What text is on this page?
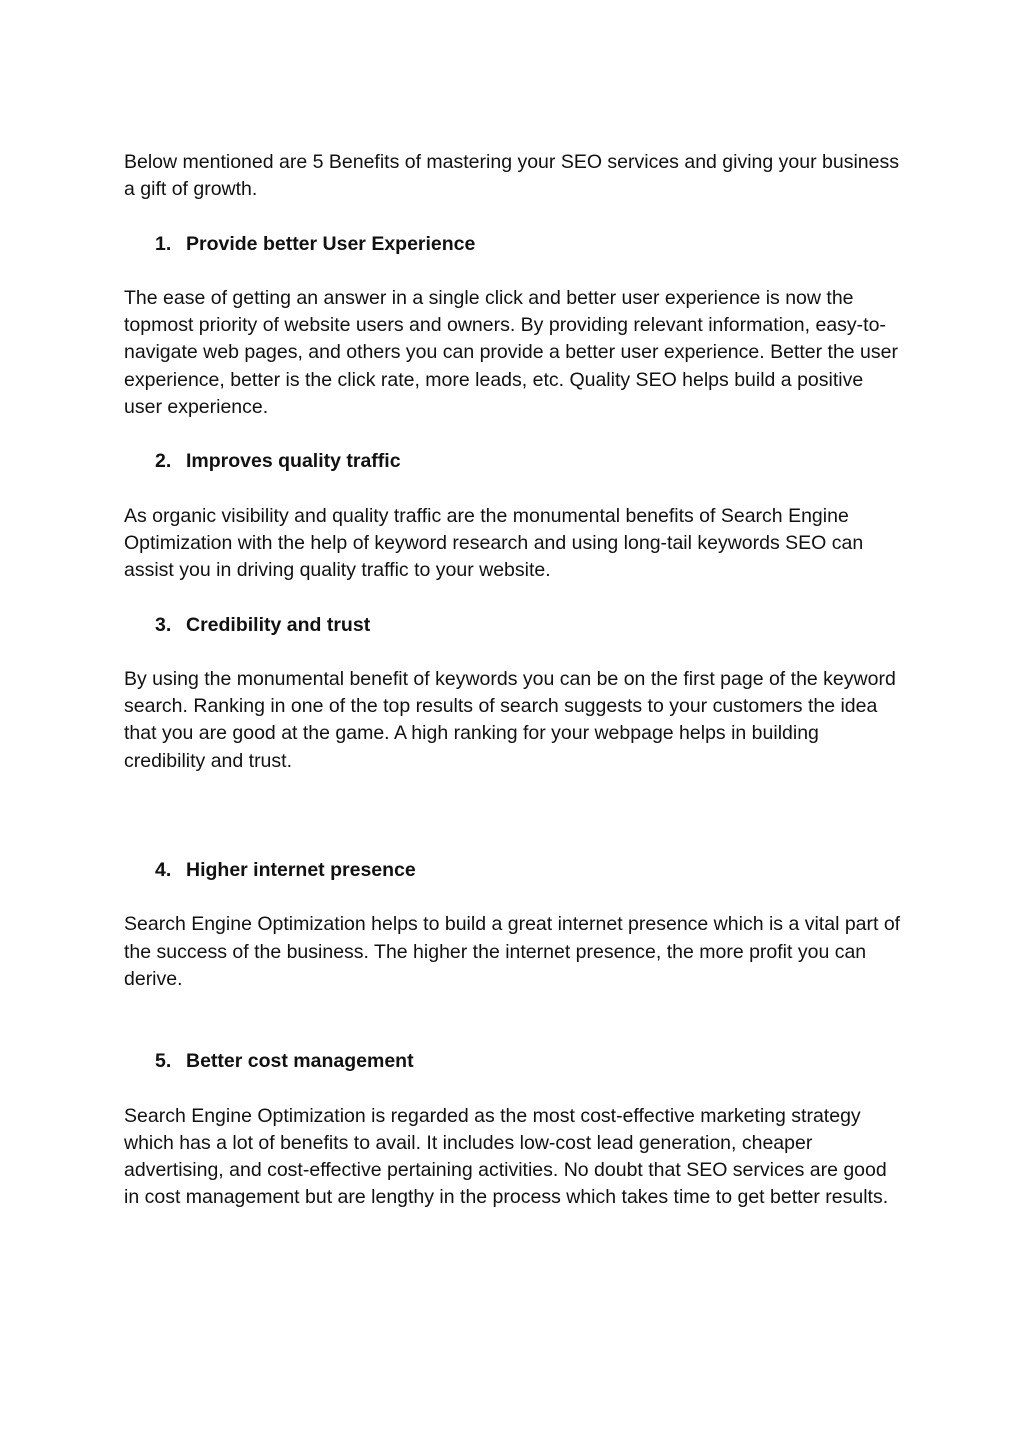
Below mentioned are 5 Benefits of mastering your SEO services and giving your business a gift of growth.

1. Provide better User Experience

The ease of getting an answer in a single click and better user experience is now the topmost priority of website users and owners. By providing relevant information, easy-to-navigate web pages, and others you can provide a better user experience. Better the user experience, better is the click rate, more leads, etc. Quality SEO helps build a positive user experience.

2. Improves quality traffic

As organic visibility and quality traffic are the monumental benefits of Search Engine Optimization with the help of keyword research and using long-tail keywords SEO can assist you in driving quality traffic to your website.

3. Credibility and trust

By using the monumental benefit of keywords you can be on the first page of the keyword search. Ranking in one of the top results of search suggests to your customers the idea that you are good at the game. A high ranking for your webpage helps in building credibility and trust.

4. Higher internet presence

Search Engine Optimization helps to build a great internet presence which is a vital part of the success of the business. The higher the internet presence, the more profit you can derive.

5. Better cost management

Search Engine Optimization is regarded as the most cost-effective marketing strategy which has a lot of benefits to avail. It includes low-cost lead generation, cheaper advertising, and cost-effective pertaining activities. No doubt that SEO services are good in cost management but are lengthy in the process which takes time to get better results.
